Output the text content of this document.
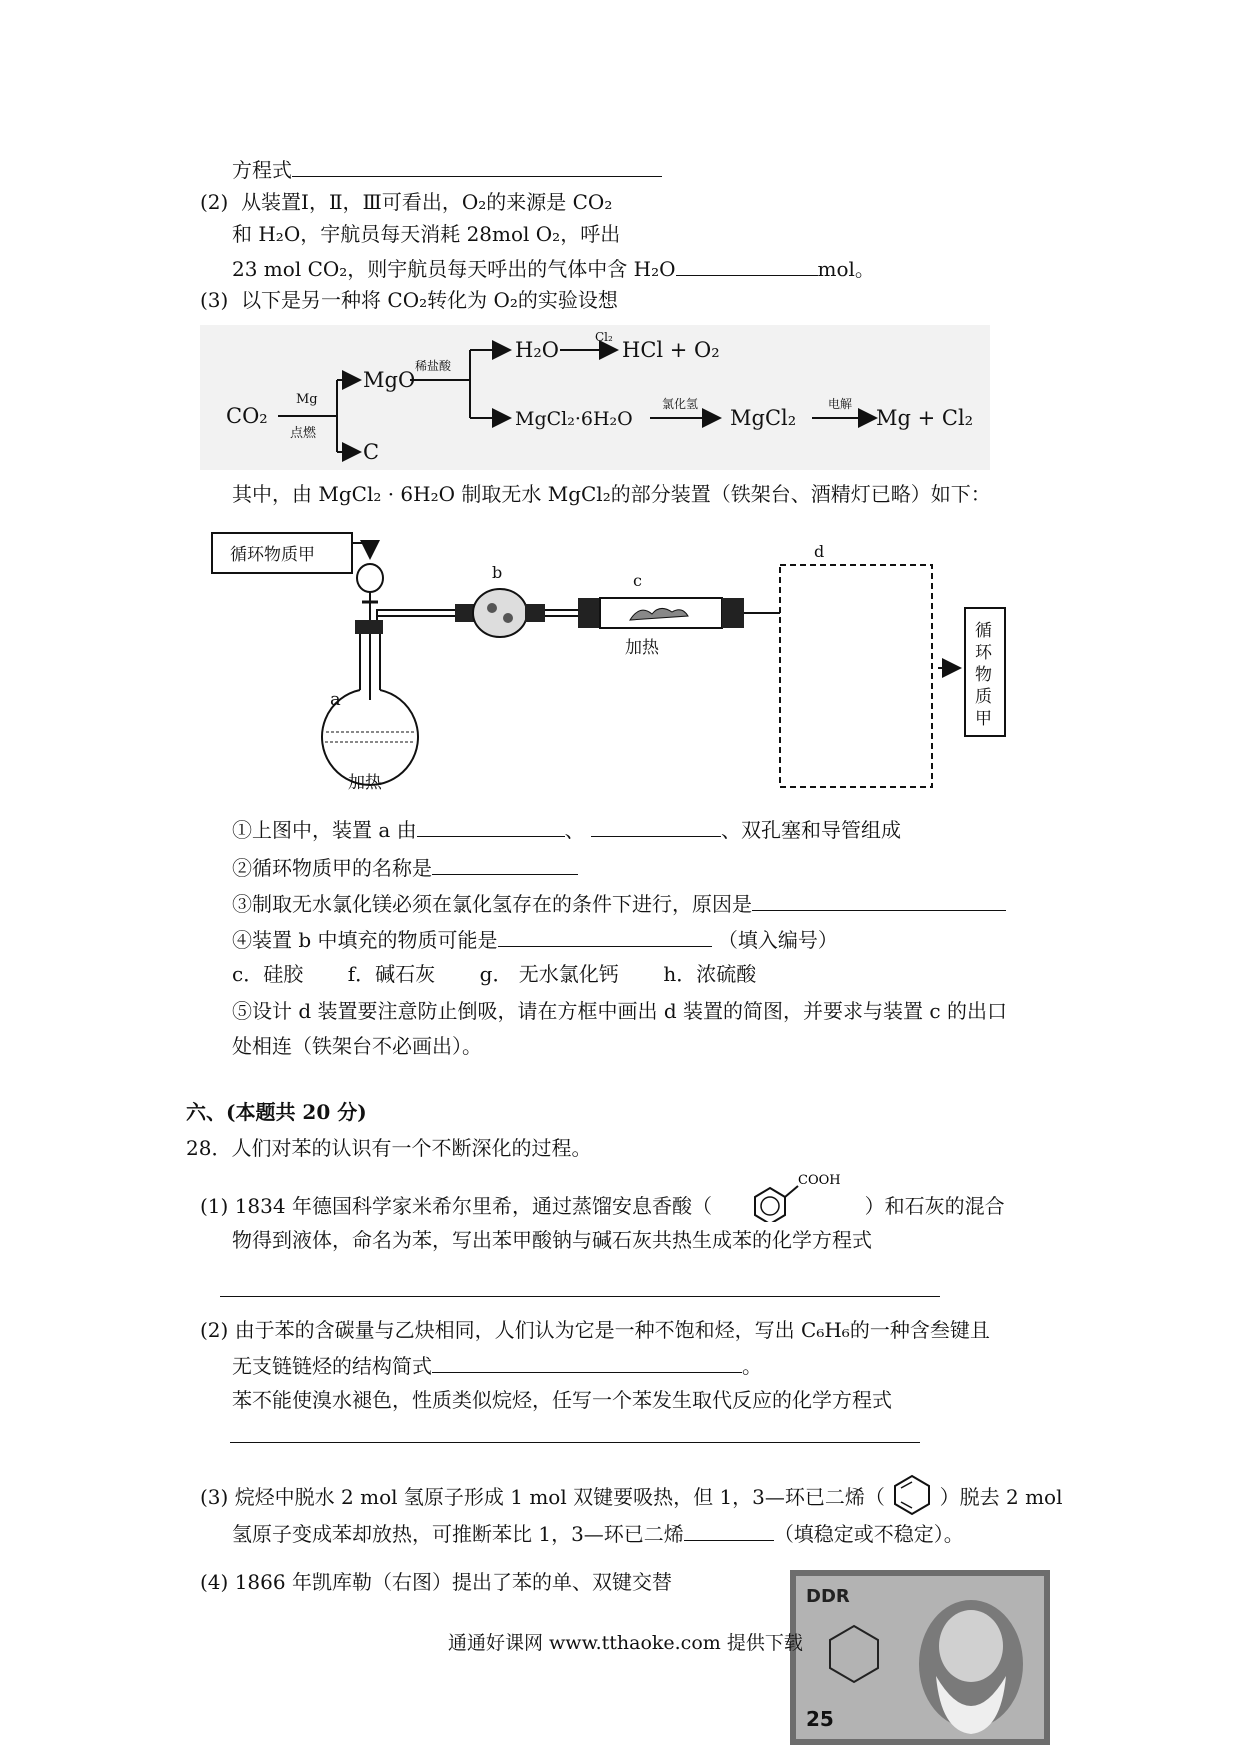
方程式
(2) 从装置Ⅰ，Ⅱ，Ⅲ可看出，O₂的来源是 CO₂
和 H₂O，宇航员每天消耗 28mol O₂，呼出
23 mol CO₂，则宇航员每天呼出的气体中含 H₂O	mol。
(3) 以下是另一种将 CO₂转化为 O₂的实验设想
CO₂
Mg
点燃
MgO
C
稀盐酸
H₂O
Cl₂
HCl + O₂
MgCl₂·6H₂O
氯化氢
MgCl₂
电解
Mg + Cl₂
其中，由 MgCl₂ · 6H₂O 制取无水 MgCl₂的部分装置（铁架台、酒精灯已略）如下：
循环物质甲
a
加热
b	c
加热
d
循环物质甲
①上图中，装置 a 由	、	、双孔塞和导管组成
②循环物质甲的名称是
③制取无水氯化镁必须在氯化氢存在的条件下进行，原因是
④装置 b 中填充的物质可能是	（填入编号）
c．硅胶 f．碱石灰 g． 无水氯化钙 h．浓硫酸
⑤设计 d 装置要注意防止倒吸，请在方框中画出 d 装置的简图，并要求与装置 c 的出口
处相连（铁架台不必画出）。
六、(本题共 20 分)
28．人们对苯的认识有一个不断深化的过程。
(1) 1834 年德国科学家米希尔里希，通过蒸馏安息香酸（
COOH
）和石灰的混合
物得到液体，命名为苯，写出苯甲酸钠与碱石灰共热生成苯的化学方程式
(2) 由于苯的含碳量与乙炔相同，人们认为它是一种不饱和烃，写出 C₆H₆的一种含叁键且
无支链链烃的结构简式	。
苯不能使溴水褪色，性质类似烷烃，任写一个苯发生取代反应的化学方程式
(3) 烷烃中脱水 2 mol 氢原子形成 1 mol 双键要吸热，但 1，3—环已二烯（	）脱去 2 mol
氢原子变成苯却放热，可推断苯比 1，3—环已二烯	（填稳定或不稳定）。
(4) 1866 年凯库勒（右图）提出了苯的单、双键交替
DDR
25
通通好课网 www.tthaoke.com 提供下载
